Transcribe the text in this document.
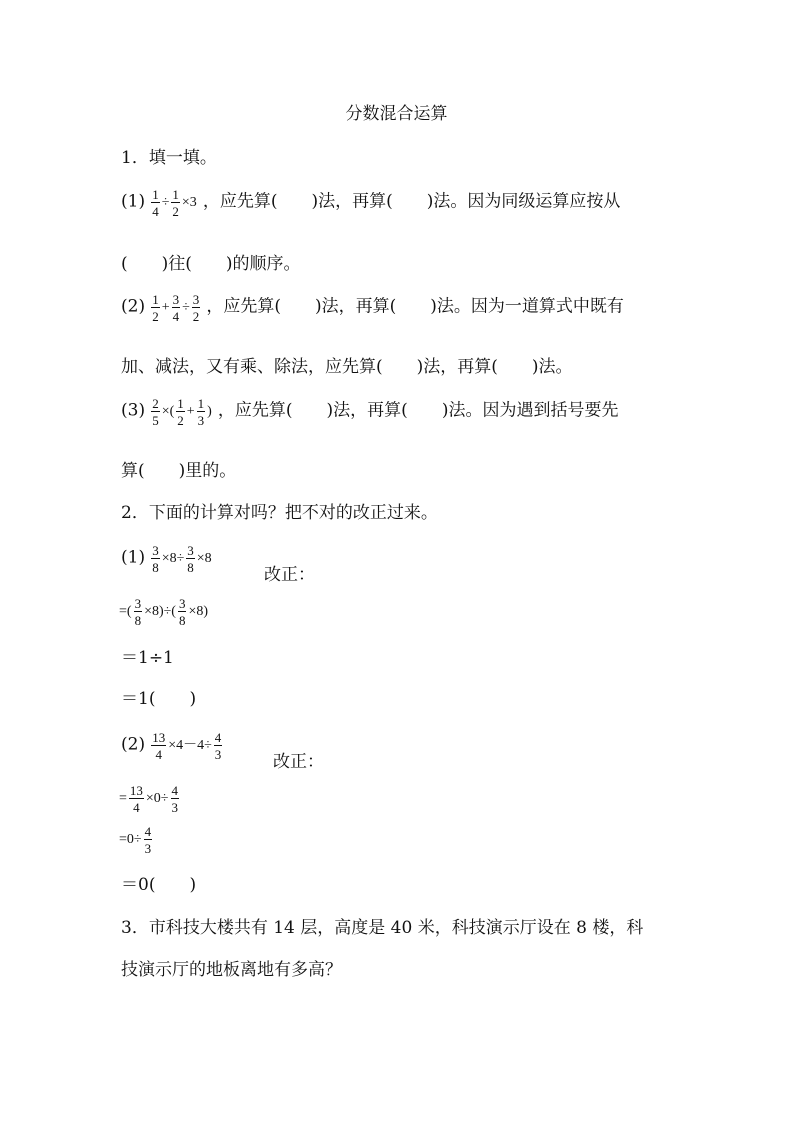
分数混合运算
1．填一填。
$(1) \frac{1}{4} \div \frac{1}{2} \times 3$ ，应先算(　　)法，再算(　　)法。因为同级运算应按从
(　　)往(　　)的顺序。
$(2) \frac{1}{2} + \frac{3}{4} \div \frac{3}{2}$ ，应先算(　　)法，再算(　　)法。因为一道算式中既有
加、减法，又有乘、除法，应先算(　　)法，再算(　　)法。
$(3) \frac{2}{5}$ ×( $\frac{1}{2} + \frac{1}{3}$ ) ，应先算(　　)法，再算(　　)法。因为遇到括号要先
算(　　)里的。
2．下面的计算对吗？把不对的改正过来。
$(1) \frac{3}{8} \times 8\div \frac{3}{8} \times 8$
改正：
=( $\frac{3}{8} \times 8)\div( \frac{3}{8} \times 8)$
＝1÷1
＝1(　　)
$(2) \frac{13}{4} \times 4-4\div \frac{4}{3}$
改正：
= $\frac{13}{4} \times 0\div \frac{4}{3}$
$=0\div \frac{4}{3}$
＝0(　　)
3．市科技大楼共有 14 层，高度是 40 米，科技演示厅设在 8 楼，科
技演示厅的地板离地有多高？
